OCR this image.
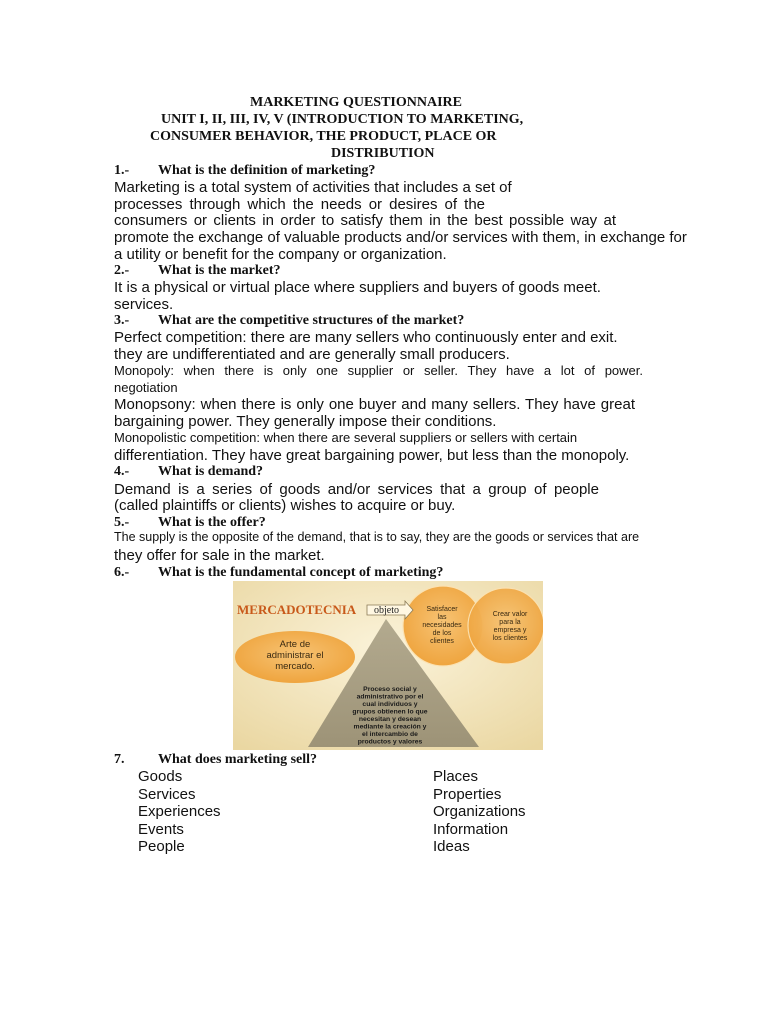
MARKETING QUESTIONNAIRE
UNIT I, II, III, IV, V (INTRODUCTION TO MARKETING,
CONSUMER BEHAVIOR, THE PRODUCT, PLACE OR
DISTRIBUTION
1.- What is the definition of marketing?
Marketing is a total system of activities that includes a set of
processes through which the needs or desires of the
consumers or clients in order to satisfy them in the best possible way at
promote the exchange of valuable products and/or services with them, in exchange for
a utility or benefit for the company or organization.
2.- What is the market?
It is a physical or virtual place where suppliers and buyers of goods meet.
services.
3.- What are the competitive structures of the market?
Perfect competition: there are many sellers who continuously enter and exit.
they are undifferentiated and are generally small producers.
Monopoly: when there is only one supplier or seller. They have a lot of power.
negotiation
Monopsony: when there is only one buyer and many sellers. They have great
bargaining power. They generally impose their conditions.
Monopolistic competition: when there are several suppliers or sellers with certain
differentiation. They have great bargaining power, but less than the monopoly.
4.- What is demand?
Demand is a series of goods and/or services that a group of people
(called plaintiffs or clients) wishes to acquire or buy.
5.- What is the offer?
The supply is the opposite of the demand, that is to say, they are the goods or services that are
they offer for sale in the market.
6.- What is the fundamental concept of marketing?
MERCADOTECNIA objeto
Arte de
administrar el
mercado.
Satisfacer
las
necesidades
de los
clientes
Crear valor
para la
empresa y
los clientes
Proceso social y
administrativo por el
cual individuos y
grupos obtienen lo que
necesitan y desean
mediante la creación y
el intercambio de
productos y valores
7. What does marketing sell?
Goods
Services
Experiences
Events
People
Places
Properties
Organizations
Information
Ideas
